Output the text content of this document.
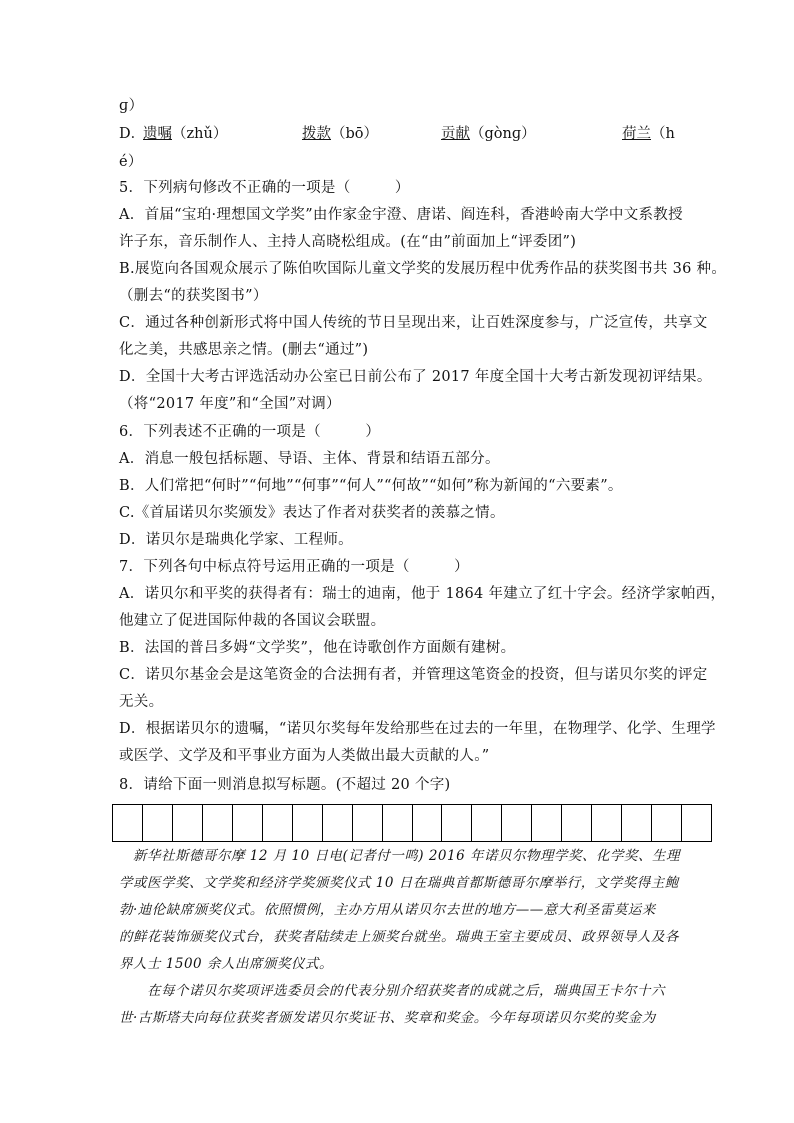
ɡ）
D．
遗嘱（zhǔ）	拨款（bō）	贡献（gònɡ）	荷兰（h
é）
5．下列病句修改不正确的一项是（　　　）
A．首届“宝珀·理想国文学奖”由作家金宇澄、唐诺、阎连科，香港岭南大学中文系教授
许子东，音乐制作人、主持人高晓松组成。(在“由”前面加上“评委团”)
B.展览向各国观众展示了陈伯吹国际儿童文学奖的发展历程中优秀作品的获奖图书共 36 种。
（删去“的获奖图书”）
C．通过各种创新形式将中国人传统的节日呈现出来，让百姓深度参与，广泛宣传，共享文
化之美，共感思亲之情。(删去“通过”)
D．全国十大考古评选活动办公室已日前公布了 2017 年度全国十大考古新发现初评结果。
（将“2017 年度”和“全国”对调）
6．下列表述不正确的一项是（　　　）
A．消息一般包括标题、导语、主体、背景和结语五部分。
B．人们常把“何时”“何地”“何事”“何人”“何故”“如何”称为新闻的“六要素”。
C.《首届诺贝尔奖颁发》表达了作者对获奖者的羡慕之情。
D．诺贝尔是瑞典化学家、工程师。
7．下列各句中标点符号运用正确的一项是（　　　）
A．诺贝尔和平奖的获得者有：瑞士的迪南，他于 1864 年建立了红十字会。经济学家帕西，
他建立了促进国际仲裁的各国议会联盟。
B．法国的普吕多姆“文学奖”，他在诗歌创作方面颇有建树。
C．诺贝尔基金会是这笔资金的合法拥有者，并管理这笔资金的投资，但与诺贝尔奖的评定
无关。
D．根据诺贝尔的遗嘱，“诺贝尔奖每年发给那些在过去的一年里，在物理学、化学、生理学
或医学、文学及和平事业方面为人类做出最大贡献的人。”
8．请给下面一则消息拟写标题。(不超过 20 个字)
　新华社斯德哥尔摩 12 月 10 日电(记者付一鸣) 2016 年诺贝尔物理学奖、化学奖、生理
学或医学奖、文学奖和经济学奖颁奖仪式 10 日在瑞典首都斯德哥尔摩举行，文学奖得主鲍
勃·迪伦缺席颁奖仪式。依照惯例，主办方用从诺贝尔去世的地方——意大利圣雷莫运来
的鲜花装饰颁奖仪式台，获奖者陆续走上颁奖台就坐。瑞典王室主要成员、政界领导人及各
界人士 1500 余人出席颁奖仪式。
　　在每个诺贝尔奖项评选委员会的代表分别介绍获奖者的成就之后，瑞典国王卡尔十六
世·古斯塔夫向每位获奖者颁发诺贝尔奖证书、奖章和奖金。今年每项诺贝尔奖的奖金为
